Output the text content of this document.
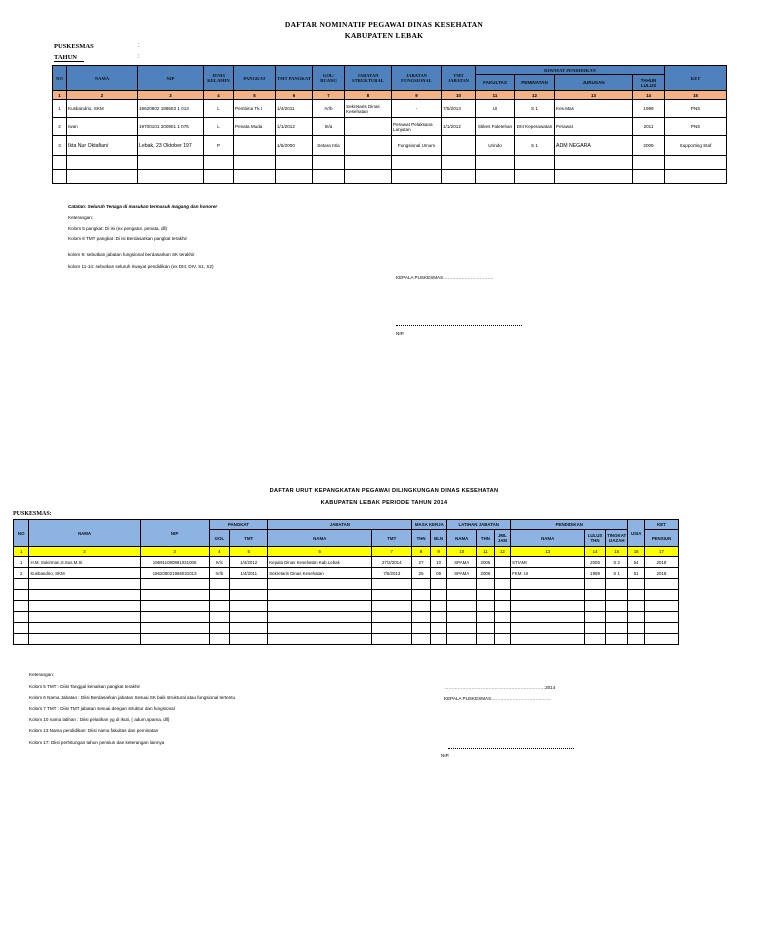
DAFTAR NOMINATIF PEGAWAI DINAS KESEHATAN
KABUPATEN LEBAK
PUSKESMAS	:
TAHUN	:
NO	NAMA	NIP	JENIS KELAMIN	PANGKAT	TMT PANGKAT	GOL/ RUANG	JABATAN STRUKTURAL	JABATAN FUNGSIONAL	TMT JABATAN	RIWAYAT PENDIDIKAN				KET
										FAKULTAS	PEMINATAN	JURUSAN	TAHUN LULUS	
1	2	3	4	5	6	7	8	9	10	11	12	13	14	15
1	Kusbandrio, SKM	19620802 198603 1 013	L	Pembina Tk.I	1/4/2011	IV/b	Sekretaris Dinas Kesehatan	-	7/5/2013	UI	S 1	Kes.Mas	1999	PNS
2	Iwan	19700101 200901 1 076	L	Penata Muda	1/1/2012	III/a		Perawat Pelaksana Lanjutan	1/1/2012	Stikes Faletehan	DIII Keperawatan	Perawat	2011	PNS
3	Ikta Nur Oktafiani	Lebak, 23 Oktober 197	P		1/5/2000	Setara III/a		Fungsional Umum		Urindo	S 1	ADM NEGARA	2009	Supporting Staf

Catatan: Seluruh Tenaga di masukan termasuk magang dan honorer
Keterangan:
Kolom 5 pangkat: Di isi (ex pengatur, penata, dll)
Kolom 6 TMT pangkat :Di isi Berdasarkan pangkat terakhir
kolom 9: sebutkan jabatan fungsional berdasarkan SK terakhir
kolom 11-14: sebutkan seluruh riwayat pendidikan (ex DIII, DIV, S1, S2)
KEPALA PUSKESMAS……………………………
NIP.
DAFTAR URUT KEPANGKATAN PEGAWAI DILINGKUNGAN DINAS KESEHATAN
KABUPATEN LEBAK PERIODE TAHUN 2014
PUSKESMAS:
NO	NAMA	NIP	PANGKAT		JABATAN		MASA KERJA		LATIHAN JABATAN			PENDIDIKAN			USIA	KET
			GOL	TMT	NAMA	TMT	THN	BLN	NAMA	THN	JML JAM	NAMA	LULUS THN	TINGKAT IJAZAH		PENSIUN
1	2	3	4	5	6	7	8	9	10	11	12	13	14	15	16	17
1	H.M. Sukirman,S.Sos.M.Si	195911080981031006	IV/c	1/4/2012	Kepala Dinas Kesehatan Kab.Lebak	27/2/2014	27	10	SPAMA	2005		STIAMI	2005	S 2	54	2018
2	Kusbandrio, SKM	196208021986031013	IV/b	1/4/2011	Sekretaris Dinas Kesehatan	7/5/2013	25	09	SPAMA	2006		FKM. UI	1999	S 1	51	2018

Keterangan:
Kolom 5 TMT : Diisi Tanggal kenaikan pangkat terakhir
Kolom 6 Nama Jabatan : Diisi Berdasarkan jabatan Sesuai SK baik struktural atau fungsional tertentu
Kolom 7 TMT : Diisi TMT jabatan sesuai dengan struktur dan fungsional
Kolom 10 nama latihan : Diisi pelatihan yg di ikuti, ( adum,spama, dll)
Kolom 13 Nama pendidikan: Diisi nama fakultas dan peminatan
Kolom 17: Diisi perhitungan tahun pensiun dan keterangan lainnya
…………………………………………………………2014
KEPALA PUSKESMAS…………………………………
NIP.
